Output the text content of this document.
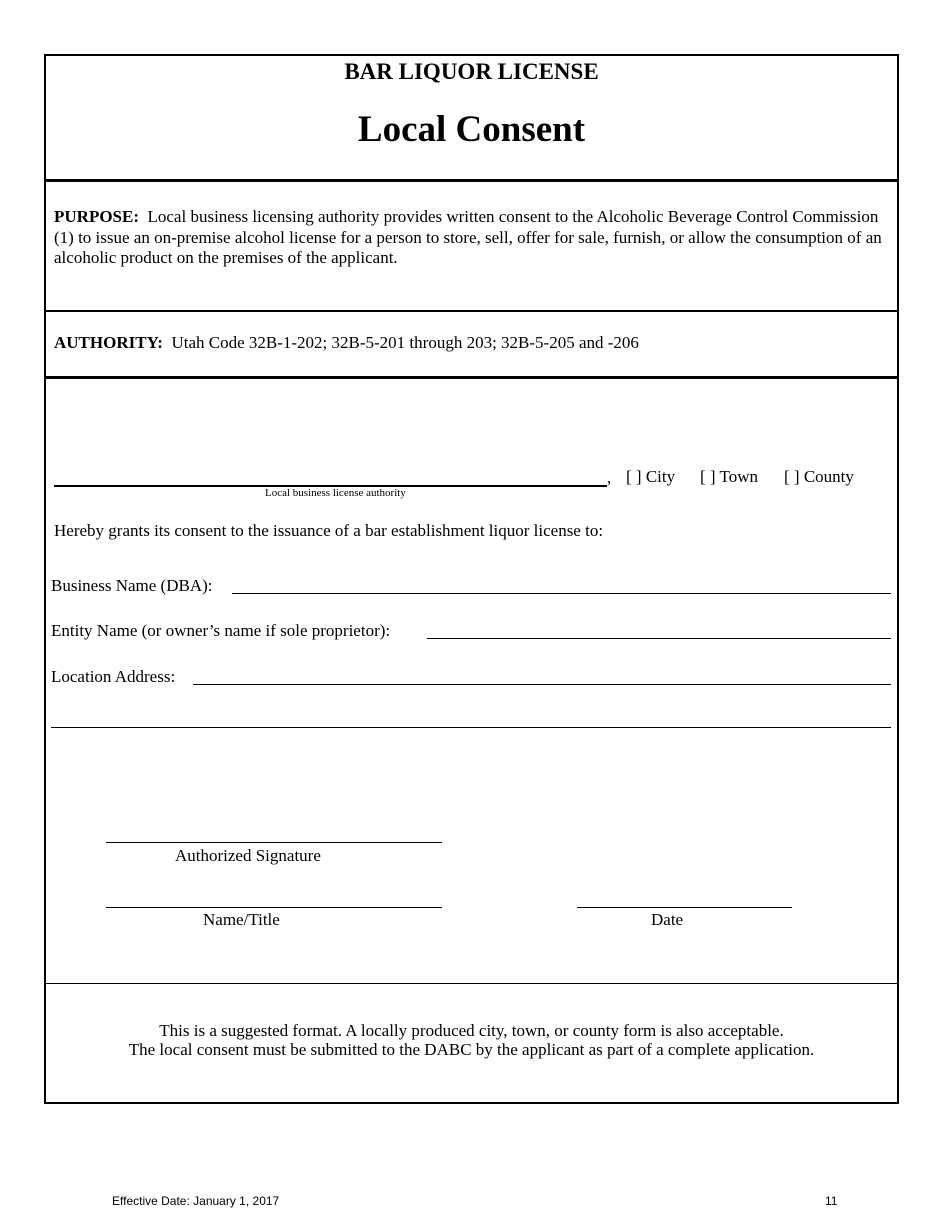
BAR LIQUOR LICENSE
Local Consent
PURPOSE: Local business licensing authority provides written consent to the Alcoholic Beverage Control Commission (1) to issue an on-premise alcohol license for a person to store, sell, offer for sale, furnish, or allow the consumption of an alcoholic product on the premises of the applicant.
AUTHORITY: Utah Code 32B-1-202; 32B-5-201 through 203; 32B-5-205 and -206
,
Local business license authority
[ ] City [ ] Town [ ] County
Hereby grants its consent to the issuance of a bar establishment liquor license to:
Business Name (DBA):
Entity Name (or owner’s name if sole proprietor):
Location Address:
Authorized Signature
Name/Title	Date
This is a suggested format. A locally produced city, town, or county form is also acceptable.
The local consent must be submitted to the DABC by the applicant as part of a complete application.
Effective Date: January 1, 2017	11
